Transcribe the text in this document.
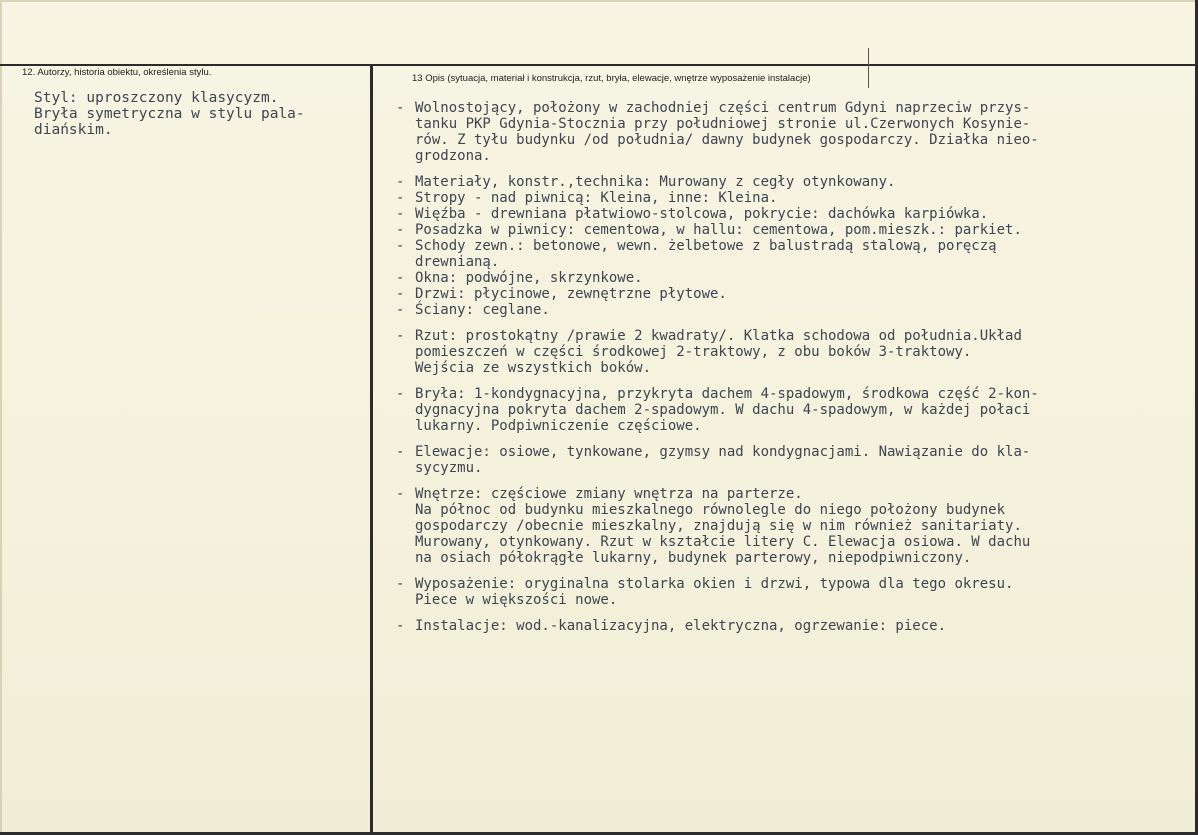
12. Autorzy, historia obiektu, określenia stylu.
13 Opis (sytuacja, materiał i konstrukcja, rzut, bryła, elewacje, wnętrze wyposażenie instalacje)
Styl: uproszczony klasycyzm.
Bryła symetryczna w stylu pala-
diańskim.
- Wolnostojący, położony w zachodniej części centrum Gdyni naprzeciw przys-
tanku PKP Gdynia-Stocznia przy południowej stronie ul.Czerwonych Kosynie-
rów. Z tyłu budynku /od południa/ dawny budynek gospodarczy. Działka nieo-
grodzona.
- Materiały, konstr.,technika: Murowany z cegły otynkowany.
- Stropy - nad piwnicą: Kleina, inne: Kleina.
- Więźba - drewniana płatwiowo-stolcowa, pokrycie: dachówka karpiówka.
- Posadzka w piwnicy: cementowa, w hallu: cementowa, pom.mieszk.: parkiet.
- Schody zewn.: betonowe, wewn. żelbetowe z balustradą stalową, poręczą
drewnianą.
- Okna: podwójne, skrzynkowe.
- Drzwi: płycinowe, zewnętrzne płytowe.
- Ściany: ceglane.
- Rzut: prostokątny /prawie 2 kwadraty/. Klatka schodowa od południa.Układ
pomieszczeń w części środkowej 2-traktowy, z obu boków 3-traktowy.
Wejścia ze wszystkich boków.
- Bryła: 1-kondygnacyjna, przykryta dachem 4-spadowym, środkowa część 2-kon-
dygnacyjna pokryta dachem 2-spadowym. W dachu 4-spadowym, w każdej połaci
lukarny. Podpiwniczenie częściowe.
- Elewacje: osiowe, tynkowane, gzymsy nad kondygnacjami. Nawiązanie do kla-
sycyzmu.
- Wnętrze: częściowe zmiany wnętrza na parterze.
Na północ od budynku mieszkalnego równolegle do niego położony budynek
gospodarczy /obecnie mieszkalny, znajdują się w nim również sanitariaty.
Murowany, otynkowany. Rzut w kształcie litery C. Elewacja osiowa. W dachu
na osiach półokrągłe lukarny, budynek parterowy, niepodpiwniczony.
- Wyposażenie: oryginalna stolarka okien i drzwi, typowa dla tego okresu.
Piece w większości nowe.
- Instalacje: wod.-kanalizacyjna, elektryczna, ogrzewanie: piece.
